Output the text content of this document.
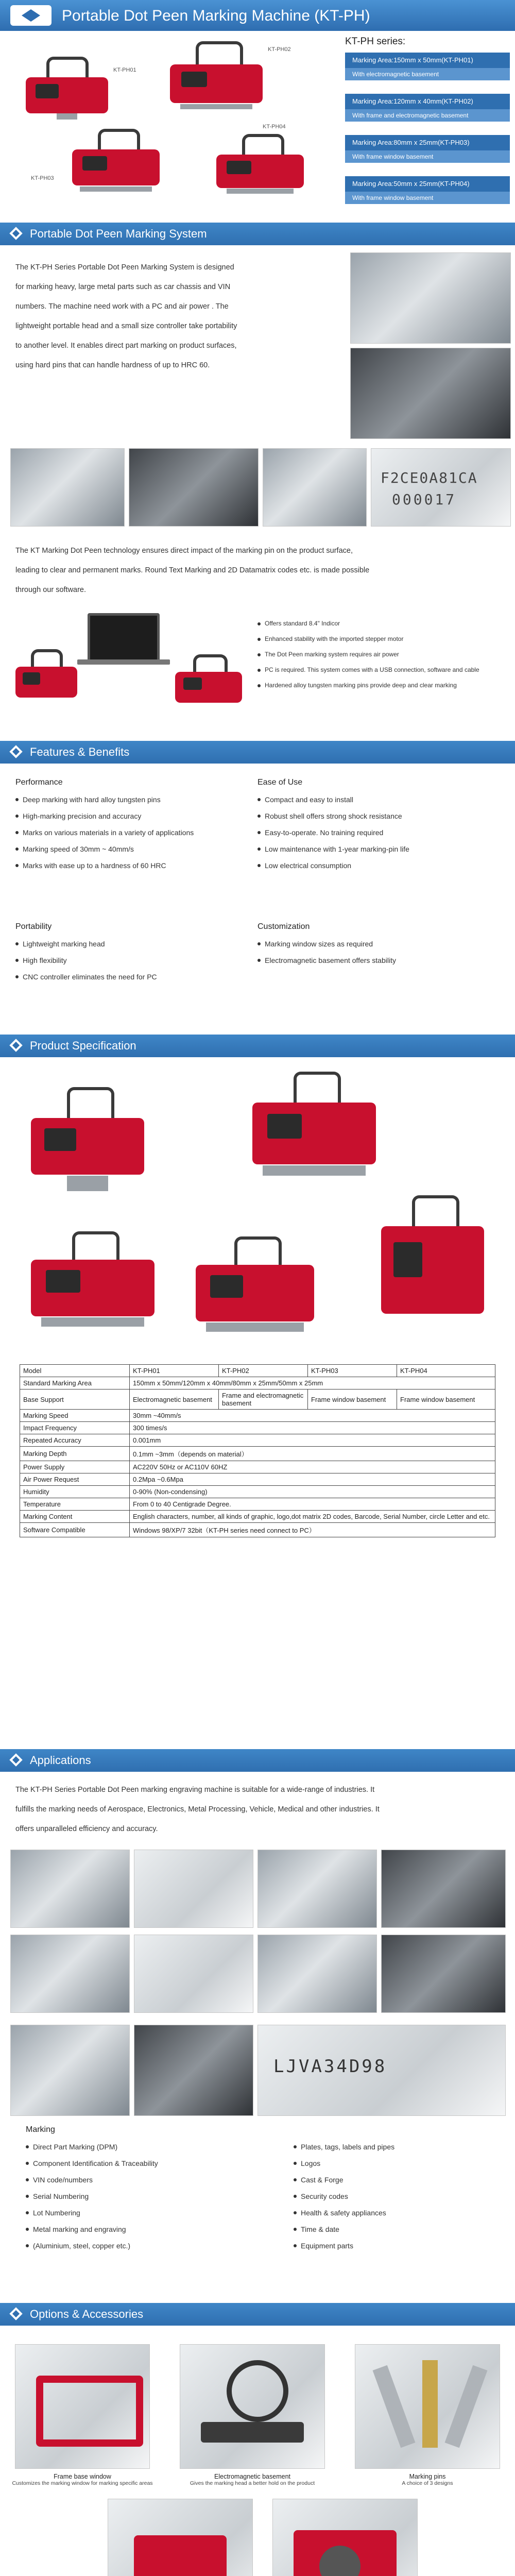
Portable Dot Peen Marking Machine (KT-PH)
KT-PH01
KT-PH02
KT-PH03
KT-PH04
KT-PH series:
Marking Area:150mm x 50mm(KT-PH01)
With electromagnetic basement
Marking Area:120mm x 40mm(KT-PH02)
With frame and electromagnetic basement
Marking Area:80mm x 25mm(KT-PH03)
With frame window basement
Marking Area:50mm x 25mm(KT-PH04)
With frame window basement
Portable Dot Peen Marking System
The KT-PH Series Portable Dot Peen Marking System is designed
for marking heavy, large metal parts such as car chassis and VIN
numbers. The machine need work with a PC and air power . The
lightweight portable head and a small size controller take portability
to another level. It enables direct part marking on product surfaces,
using hard pins that can handle hardness of up to HRC 60.
F2CE0A81CA
000017
The KT Marking Dot Peen technology ensures direct impact of the marking pin on the product surface,
leading to clear and permanent marks. Round Text Marking and 2D Datamatrix codes etc. is made possible
through our software.
Offers standard 8.4" Indicor
Enhanced stability with the imported stepper motor
The Dot Peen marking system requires air power
PC is required. This system comes with a USB connection, software and cable
Hardened alloy tungsten marking pins provide deep and clear marking
Features & Benefits
Performance
Deep marking with hard alloy tungsten pins
High-marking precision and accuracy
Marks on various materials in a variety of applications
Marking speed of 30mm ~ 40mm/s
Marks with ease up to a hardness of 60 HRC
Ease of Use
Compact and easy to install
Robust shell offers strong shock resistance
Easy-to-operate. No training required
Low maintenance with 1-year marking-pin life
Low electrical consumption
Portability
Lightweight marking head
High flexibility
CNC controller eliminates the need for PC
Customization
Marking window sizes as required
Electromagnetic basement offers stability
Product Specification
Model	KT-PH01	KT-PH02	KT-PH03	KT-PH04
Standard Marking Area	150mm x 50mm/120mm x 40mm/80mm x 25mm/50mm x 25mm			
Base Support	Electromagnetic basement	Frame and electromagnetic basement	Frame window basement	Frame window basement
Marking Speed	30mm ~40mm/s			
Impact Frequency	300 times/s			
Repeated Accuracy	0.001mm			
Marking Depth	0.1mm ~3mm（depends on material）			
Power Supply	AC220V 50Hz or AC110V 60HZ			
Air Power Request	0.2Mpa ~0.6Mpa			
Humidity	0-90% (Non-condensing)			
Temperature	From 0 to 40 Centigrade Degree.			
Marking Content	English characters, number, all kinds of graphic, logo,dot matrix 2D codes, Barcode, Serial Number, circle Letter and etc.			
Software Compatible	Windows 98/XP/7 32bit（KT-PH series need connect to PC）			
Applications
The KT-PH Series Portable Dot Peen marking engraving machine is suitable for a wide-range of industries. It
fulfills the marking needs of Aerospace, Electronics, Metal Processing, Vehicle, Medical and other industries. It
offers unparalleled efficiency and accuracy.
LJVA34D98
Marking
Direct Part Marking (DPM)
Component Identification & Traceability
VIN code/numbers
Serial Numbering
Lot Numbering
Metal marking and engraving
(Aluminium, steel, copper etc.)
Plates, tags, labels and pipes
Logos
Cast & Forge
Security codes
Health & safety appliances
Time & date
Equipment parts
Options & Accessories
Frame base window
Customizes the marking window for marking specific areas
Electromagnetic basement
Gives the marking head a better hold on the product
Marking pins
A choice of 3 designs
